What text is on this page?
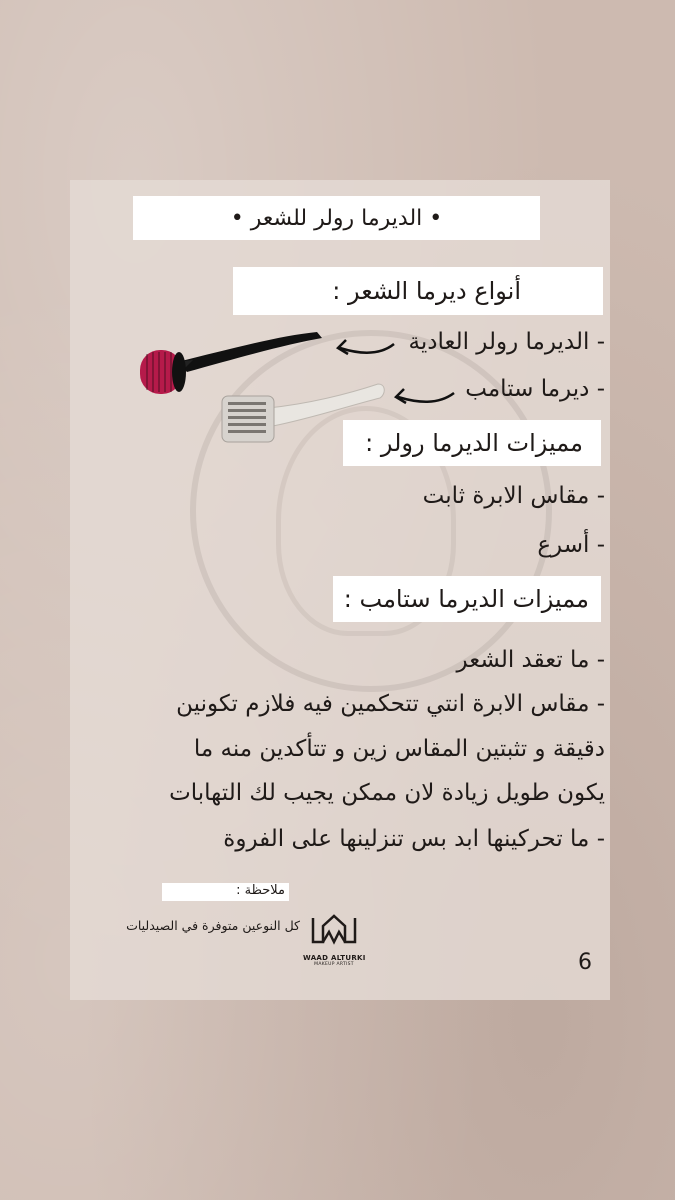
• الديرما رولر للشعر •
أنواع ديرما الشعر :
- الديرما رولر العادية
- ديرما ستامب
مميزات الديرما رولر :
- مقاس الابرة ثابت
- أسرع
مميزات الديرما ستامب :
- ما تعقد الشعر
- مقاس الابرة انتي تتحكمين فيه فلازم تكونين
دقيقة و تثبتين المقاس زين و تتأكدين منه ما
يكون طويل زيادة لان ممكن يجيب لك التهابات
- ما تحركينها ابد بس تنزلينها على الفروة
ملاحظة :
كل النوعين متوفرة في الصيدليات
WAAD ALTURKI
MAKEUP ARTIST	6
